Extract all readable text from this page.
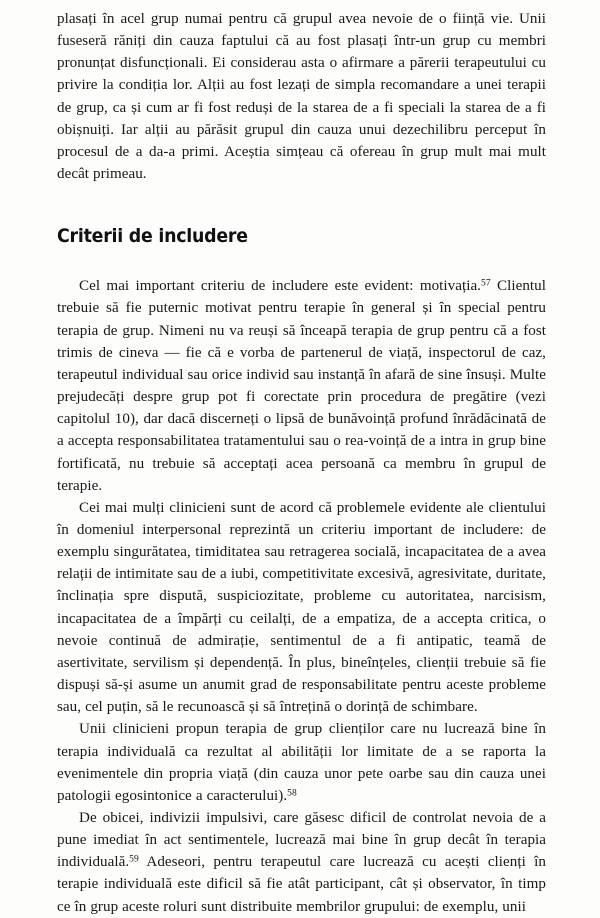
plasați în acel grup numai pentru că grupul avea nevoie de o ființă vie. Unii fuseseră răniți din cauza faptului că au fost plasați într-un grup cu membri pronunțat disfuncționali. Ei considerau asta o afirmare a părerii terapeutului cu privire la condiția lor. Alții au fost lezați de simpla recomandare a unei terapii de grup, ca și cum ar fi fost reduși de la starea de a fi speciali la starea de a fi obișnuiți. Iar alții au părăsit grupul din cauza unui dezechilibru perceput în procesul de a da-a primi. Aceștia simțeau că ofereau în grup mult mai mult decât primeau.

Criterii de includere

Cel mai important criteriu de includere este evident: motivația.$^{57}$ Clientul trebuie să fie puternic motivat pentru terapie în general și în special pentru terapia de grup. Nimeni nu va reuși să înceapă terapia de grup pentru că a fost trimis de cineva — fie că e vorba de partenerul de viață, inspectorul de caz, terapeutul individual sau orice individ sau instanță în afară de sine însuși. Multe prejudecăți despre grup pot fi corectate prin procedura de pregătire (vezi capitolul 10), dar dacă discerneți o lipsă de bunăvoință profund înrădăcinată de a accepta responsabilitatea tratamentului sau o rea-voință de a intra in grup bine fortificată, nu trebuie să acceptați acea persoană ca membru în grupul de terapie.

Cei mai mulți clinicieni sunt de acord că problemele evidente ale clientului în domeniul interpersonal reprezintă un criteriu important de includere: de exemplu singurătatea, timiditatea sau retragerea socială, incapacitatea de a avea relații de intimitate sau de a iubi, competitivitate excesivă, agresivitate, duritate, înclinația spre dispută, suspiciozitate, probleme cu autoritatea, narcisism, incapacitatea de a împărți cu ceilalți, de a empatiza, de a accepta critica, o nevoie continuă de admirație, sentimentul de a fi antipatic, teamă de asertivitate, servilism și dependență. În plus, bineînțeles, clienții trebuie să fie dispuși să-și asume un anumit grad de responsabilitate pentru aceste probleme sau, cel puțin, să le recunoască și să întrețină o dorință de schimbare.

Unii clinicieni propun terapia de grup clienților care nu lucrează bine în terapia individuală ca rezultat al abilității lor limitate de a se raporta la evenimentele din propria viață (din cauza unor pete oarbe sau din cauza unei patologii egosintonice a caracterului).$^{58}$

De obicei, indivizii impulsivi, care găsesc dificil de controlat nevoia de a pune imediat în act sentimentele, lucrează mai bine în grup decât în terapia individuală.$^{59}$ Adeseori, pentru terapeutul care lucrează cu acești clienți în terapie individuală este dificil să fie atât participant, cât și observator, în timp ce în grup aceste roluri sunt distribuite membrilor grupului: de exemplu, unii
